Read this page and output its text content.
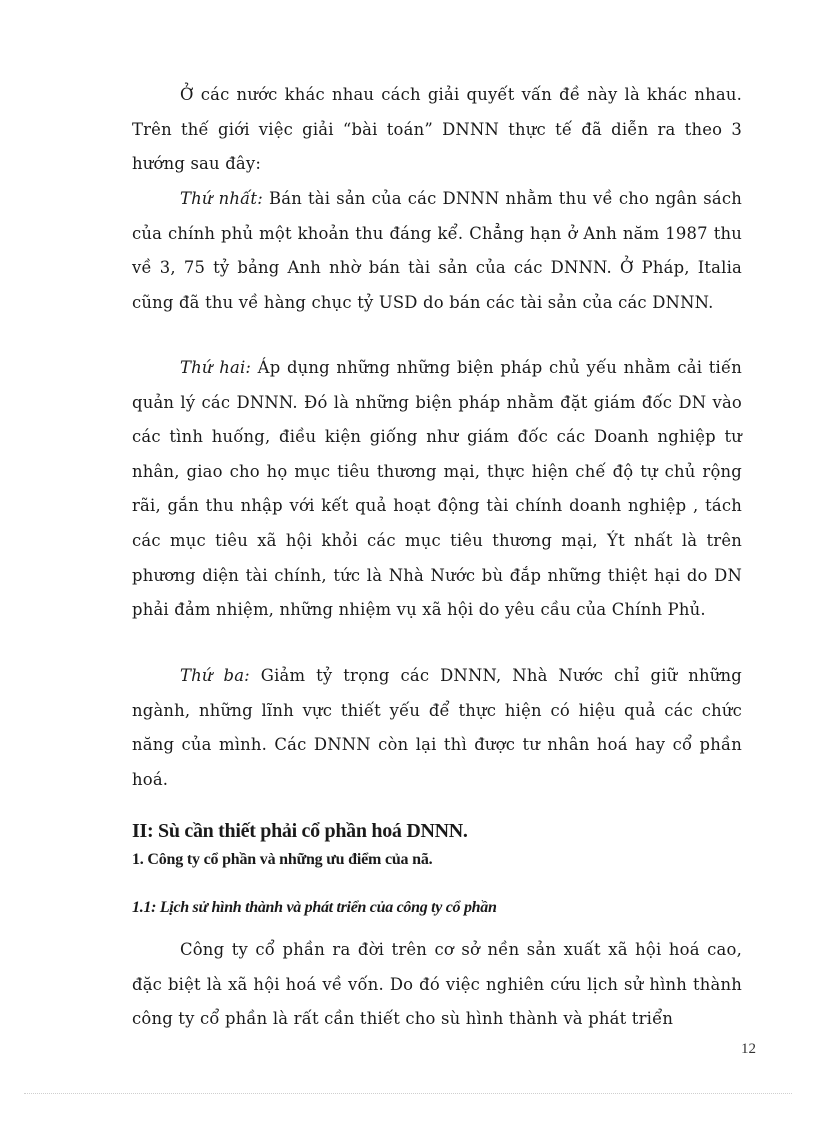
Ở các nước khác nhau cách giải quyết vấn đề này là khác nhau. Trên thế giới việc giải “bài toán” DNNN thực tế đã diễn ra theo 3 hướng sau đây:

Thứ nhất: Bán tài sản của các DNNN nhằm thu về cho ngân sách của chính phủ một khoản thu đáng kể. Chẳng hạn ở Anh năm 1987 thu về 3, 75 tỷ bảng Anh nhờ bán tài sản của các DNNN. Ở Pháp, Italia cũng đã thu về hàng chục tỷ USD do bán các tài sản của các DNNN.

Thứ hai: Áp dụng những những biện pháp chủ yếu nhằm cải tiến quản lý các DNNN. Đó là những biện pháp nhằm đặt giám đốc DN vào các tình huống, điều kiện giống như giám đốc các Doanh nghiệp tư nhân, giao cho họ mục tiêu thương mại, thực hiện chế độ tự chủ rộng rãi, gắn thu nhập với kết quả hoạt động tài chính doanh nghiệp , tách các mục tiêu xã hội khỏi các mục tiêu thương mại, Ýt nhất là trên phương diện tài chính, tức là Nhà Nước bù đắp những thiệt hại do DN phải đảm nhiệm, những nhiệm vụ xã hội do yêu cầu của Chính Phủ.

Thứ ba: Giảm tỷ trọng các DNNN, Nhà Nước chỉ giữ những ngành, những lĩnh vực thiết yếu để thực hiện có hiệu quả các chức năng của mình. Các DNNN còn lại thì được tư nhân hoá hay cổ phần hoá.

II: Sù cần thiết phải cổ phần hoá DNNN.
1. Công ty cổ phần và những ưu điểm của nã.
1.1: Lịch sử hình thành và phát triển của công ty cổ phần

Công ty cổ phần ra đời trên cơ sở nền sản xuất xã hội hoá cao, đặc biệt là xã hội hoá về vốn. Do đó việc nghiên cứu lịch sử hình thành công ty cổ phần là rất cần thiết cho sù hình thành và phát triển

12
